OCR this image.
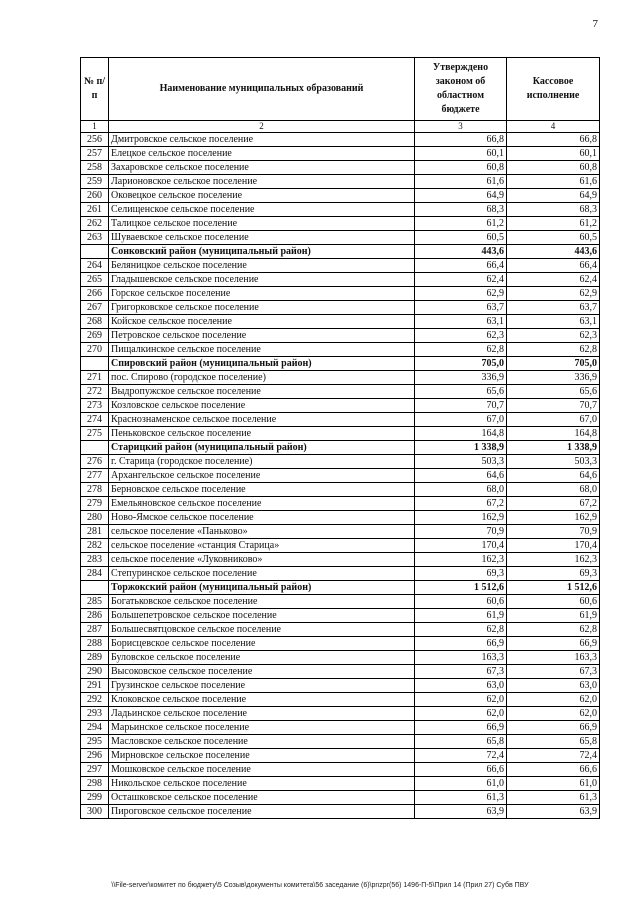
7
№ п/п	Наименование муниципальных образований	Утверждено законом об областном бюджете	Кассовое исполнение
1	2	3	4
256	Дмитровское сельское поселение	66,8	66,8
257	Елецкое сельское поселение	60,1	60,1
258	Захаровское сельское поселение	60,8	60,8
259	Ларионовское сельское поселение	61,6	61,6
260	Оковецкое сельское поселение	64,9	64,9
261	Селищенское сельское поселение	68,3	68,3
262	Талицкое сельское поселение	61,2	61,2
263	Шуваевское сельское поселение	60,5	60,5
	Сонковский район (муниципальный район)	443,6	443,6
264	Беляницкое сельское поселение	66,4	66,4
265	Гладышевское сельское поселение	62,4	62,4
266	Горское сельское поселение	62,9	62,9
267	Григорковское сельское поселение	63,7	63,7
268	Койское сельское поселение	63,1	63,1
269	Петровское сельское поселение	62,3	62,3
270	Пищалкинское сельское поселение	62,8	62,8
	Спировский район (муниципальный район)	705,0	705,0
271	пос. Спирово (городское поселение)	336,9	336,9
272	Выдропужское сельское поселение	65,6	65,6
273	Козловское сельское поселение	70,7	70,7
274	Краснознаменское сельское поселение	67,0	67,0
275	Пеньковское сельское поселение	164,8	164,8
	Старицкий район (муниципальный район)	1 338,9	1 338,9
276	г. Старица (городское поселение)	503,3	503,3
277	Архангельское сельское поселение	64,6	64,6
278	Берновское сельское поселение	68,0	68,0
279	Емельяновское сельское поселение	67,2	67,2
280	Ново-Ямское сельское поселение	162,9	162,9
281	сельское поселение «Паньково»	70,9	70,9
282	сельское поселение «станция Старица»	170,4	170,4
283	сельское поселение «Луковниково»	162,3	162,3
284	Степуринское сельское поселение	69,3	69,3
	Торжокский район (муниципальный район)	1 512,6	1 512,6
285	Богатьковское сельское поселение	60,6	60,6
286	Большепетровское сельское поселение	61,9	61,9
287	Большесвятцовское сельское поселение	62,8	62,8
288	Борисцевское сельское поселение	66,9	66,9
289	Буловское сельское поселение	163,3	163,3
290	Высоковское сельское поселение	67,3	67,3
291	Грузинское сельское поселение	63,0	63,0
292	Клоковское сельское поселение	62,0	62,0
293	Ладьинское сельское поселение	62,0	62,0
294	Марьинское сельское поселение	66,9	66,9
295	Масловское сельское поселение	65,8	65,8
296	Мирновское сельское поселение	72,4	72,4
297	Мошковское сельское поселение	66,6	66,6
298	Никольское сельское поселение	61,0	61,0
299	Осташковское сельское поселение	61,3	61,3
300	Пироговское сельское поселение	63,9	63,9
\\File-server\комитет по бюджету\5 Созыв\документы комитета\56 заседание (6)\pnzpr(56) 1496-П-5\Прил 14 (Прил 27) Субв ПВУ
